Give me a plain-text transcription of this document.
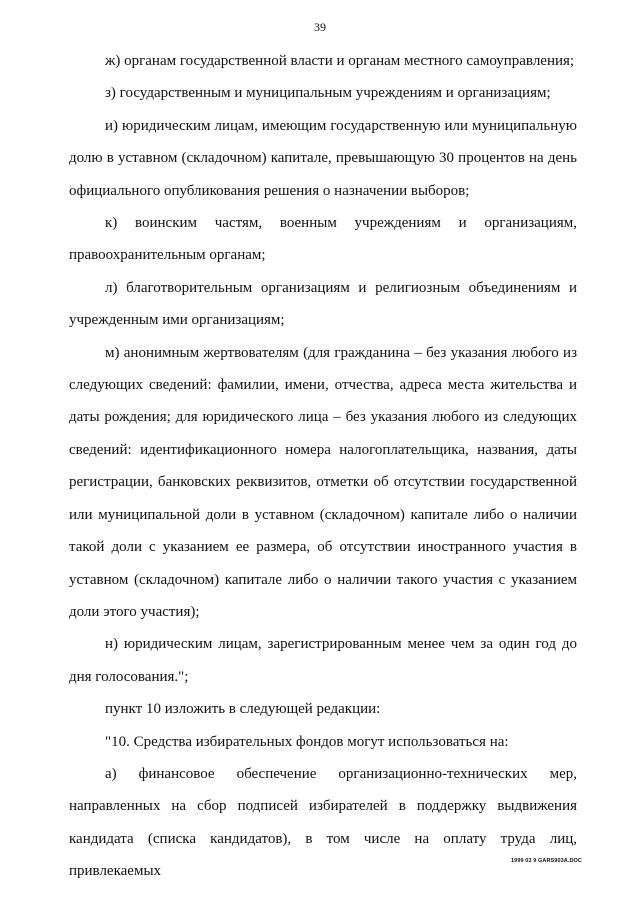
39

ж) органам государственной власти и органам местного самоуправления;

з) государственным и муниципальным учреждениям и организациям;

и) юридическим лицам, имеющим государственную или муниципальную долю в уставном (складочном) капитале, превышающую 30 процентов на день официального опубликования решения о назначении выборов;

к) воинским частям, военным учреждениям и организациям, правоохранительным органам;

л) благотворительным организациям и религиозным объединениям и учрежденным ими организациям;

м) анонимным жертвователям (для гражданина – без указания любого из следующих сведений: фамилии, имени, отчества, адреса места жительства и даты рождения; для юридического лица – без указания любого из следующих сведений: идентификационного номера налогоплательщика, названия, даты регистрации, банковских реквизитов, отметки об отсутствии государственной или муниципальной доли в уставном (складочном) капитале либо о наличии такой доли с указанием ее размера, об отсутствии иностранного участия в уставном (складочном) капитале либо о наличии такого участия с указанием доли этого участия);

н) юридическим лицам, зарегистрированным менее чем за один год до дня голосования.";

пункт 10 изложить в следующей редакции:

"10. Средства избирательных фондов могут использоваться на:

а) финансовое обеспечение организационно-технических мер, направленных на сбор подписей избирателей в поддержку выдвижения кандидата (списка кандидатов), в том числе на оплату труда лиц, привлекаемых

1999 03 9 GARS903A.DOC
